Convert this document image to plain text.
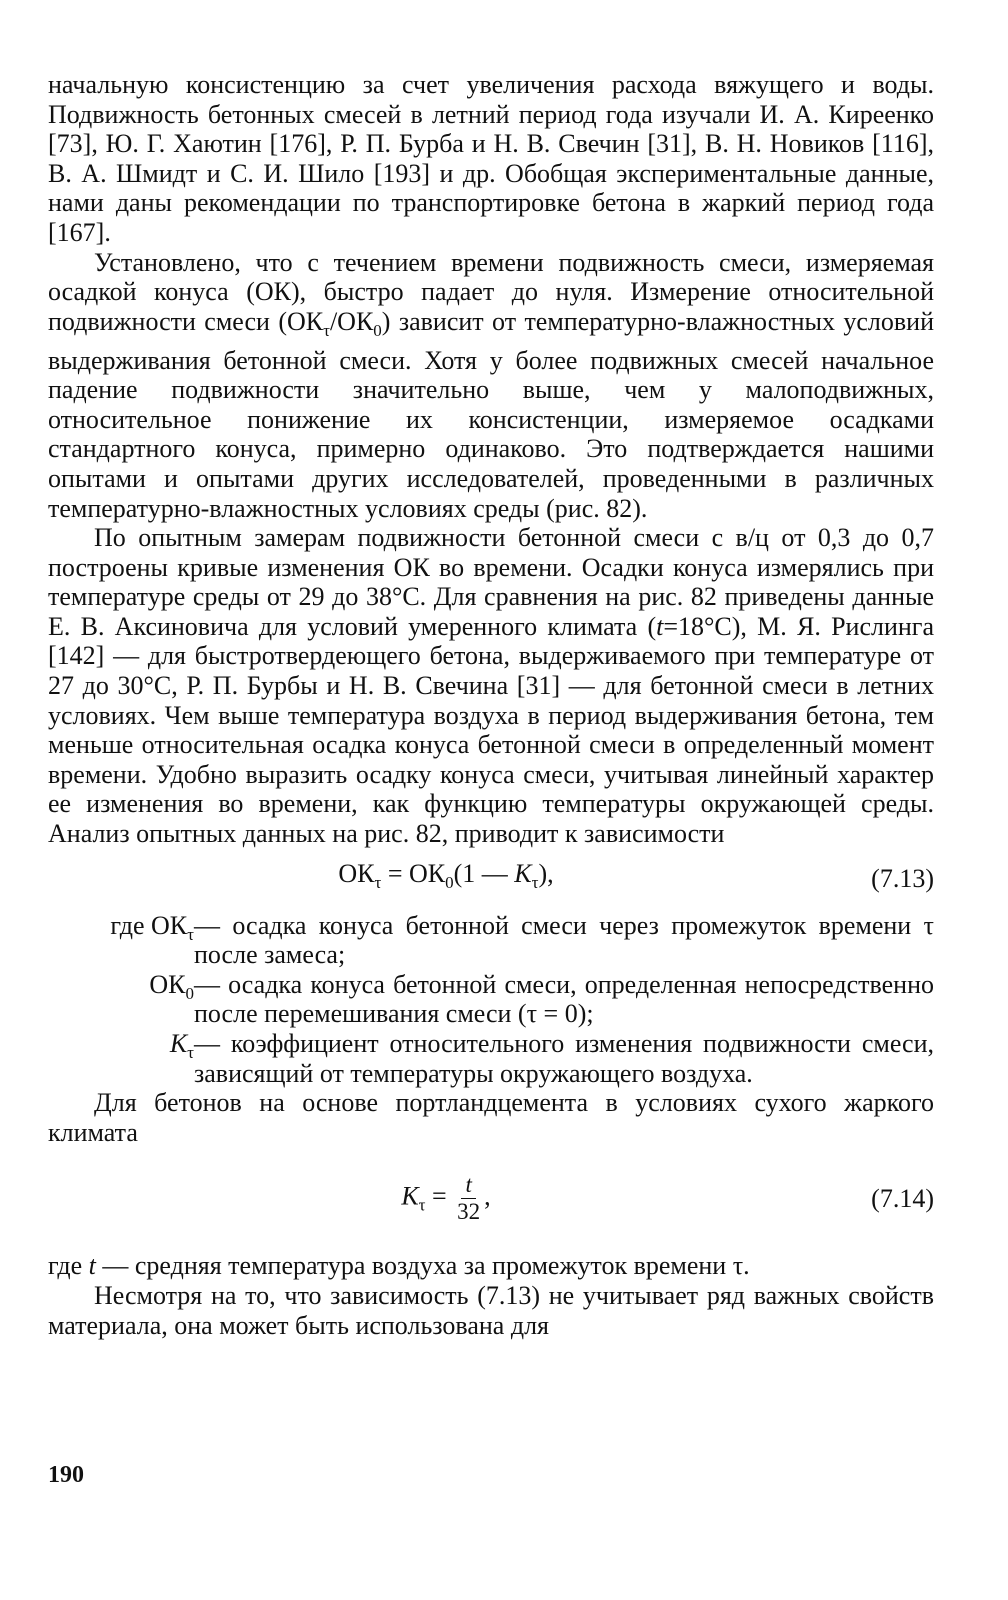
начальную консистенцию за счет увеличения расхода вяжущего и воды. Подвижность бетонных смесей в летний период года изучали И. А. Киреенко [73], Ю. Г. Хаютин [176], Р. П. Бурба и Н. В. Свечин [31], В. Н. Новиков [116], В. А. Шмидт и С. И. Шило [193] и др. Обобщая экспериментальные данные, нами даны рекомендации по транспортировке бетона в жаркий период года [167].

Установлено, что с течением времени подвижность смеси, измеряемая осадкой конуса (ОК), быстро падает до нуля. Измерение относительной подвижности смеси $(ОК_\tau/ОК_0)$ зависит от температурно-влажностных условий выдерживания бетонной смеси. Хотя у более подвижных смесей начальное падение подвижности значительно выше, чем у малоподвижных, относительное понижение их консистенции, измеряемое осадками стандартного конуса, примерно одинаково. Это подтверждается нашими опытами и опытами других исследователей, проведенными в различных температурно-влажностных условиях среды (рис. 82).

По опытным замерам подвижности бетонной смеси с в/ц от 0,3 до 0,7 построены кривые изменения ОК во времени. Осадки конуса измерялись при температуре среды от 29 до 38°С. Для сравнения на рис. 82 приведены данные Е. В. Аксиновича для условий умеренного климата (t=18°С), М. Я. Рислинга [142] — для быстротвердеющего бетона, выдерживаемого при температуре от 27 до 30°С, Р. П. Бурбы и Н. В. Свечина [31] — для бетонной смеси в летних условиях. Чем выше температура воздуха в период выдерживания бетона, тем меньше относительная осадка конуса бетонной смеси в определенный момент времени. Удобно выразить осадку конуса смеси, учитывая линейный характер ее изменения во времени, как функцию температуры окружающей среды. Анализ опытных данных на рис. 82, приводит к зависимости

$ОК_\tau = ОК_0(1$ — $K_\tau$),	(7.13)
где $ОК_\tau$ — осадка конуса бетонной смеси через промежуток времени τ после замеса;
$ОК_0$ — осадка конуса бетонной смеси, определенная непосредственно после перемешивания смеси (τ = 0);
$K_\tau$ — коэффициент относительного изменения подвижности смеси, зависящий от температуры окружающего воздуха.

Для бетонов на основе портландцемента в условиях сухого жаркого климата

$K_\tau = \frac{t}{32}$ ,	(7.14)

где t — средняя температура воздуха за промежуток времени τ.

Несмотря на то, что зависимость (7.13) не учитывает ряд важных свойств материала, она может быть использована для

190
